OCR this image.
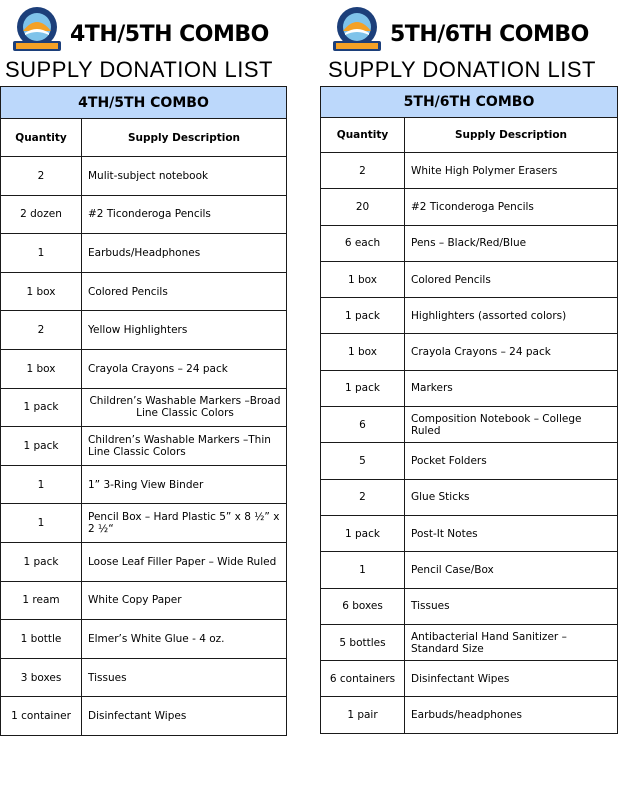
4TH/5TH COMBO
SUPPLY DONATION LIST
4TH/5TH COMBO	
Quantity	Supply Description
2	Mulit-subject notebook
2 dozen	#2 Ticonderoga Pencils
1	Earbuds/Headphones
1 box	Colored Pencils
2	Yellow Highlighters
1 box	Crayola Crayons – 24 pack
1 pack	Children’s Washable Markers –Broad Line Classic Colors
1 pack	Children’s Washable Markers –Thin Line Classic Colors
1	1” 3-Ring View Binder
1	Pencil Box – Hard Plastic 5” x 8 ½” x 2 ½“
1 pack	Loose Leaf Filler Paper – Wide Ruled
1 ream	White Copy Paper
1 bottle	Elmer’s White Glue - 4 oz.
3 boxes	Tissues
1 container	Disinfectant Wipes
5TH/6TH COMBO
SUPPLY DONATION LIST
5TH/6TH COMBO	
Quantity	Supply Description
2	White High Polymer Erasers
20	#2 Ticonderoga Pencils
6 each	Pens – Black/Red/Blue
1 box	Colored Pencils
1 pack	Highlighters (assorted colors)
1 box	Crayola Crayons – 24 pack
1 pack	Markers
6	Composition Notebook – College Ruled
5	Pocket Folders
2	Glue Sticks
1 pack	Post-It Notes
1	Pencil Case/Box
6 boxes	Tissues
5 bottles	Antibacterial Hand Sanitizer – Standard Size
6 containers	Disinfectant Wipes
1 pair	Earbuds/headphones
